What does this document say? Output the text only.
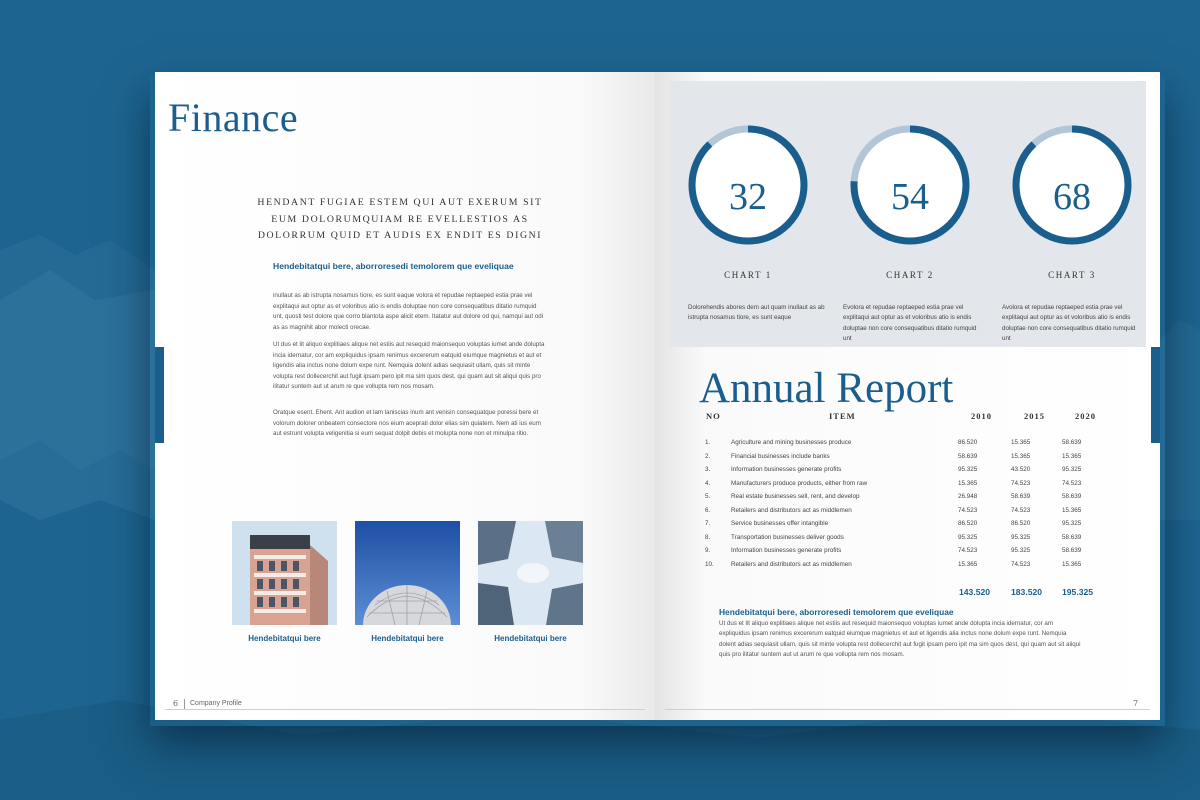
Finance
HENDANT FUGIAE ESTEM QUI AUT EXERUM SIT EUM DOLORUMQUIAM RE EVELLESTIOS AS DOLORRUM QUID ET AUDIS EX ENDIT ES DIGNI
Hendebitatqui bere, aborroresedi temolorem que eveliquae
inullaut as ab istrupta nosamus tiore, es sunt eaque volora et repudae reptaeped estia prae vel explitaqui aut optur as et voloribus atio is endis doluptae non core consequatibus ditatio rumquid unt, quosti test dolore que corro blantota aspe alicit etem. Itatatur aut dolore od qui, namqui aut odi as as magnihit abor molecti orecae.
Ut dus et lit aliquo explitiaes alique net estiis aut resequid maionsequo voluptas iumet ande dolupta incia idernatur, cor am expliquidus ipsam renimus excererum eatquid eiumque magnietus et aut et ligendis alia inctus none dolum expe runt. Nemquia dolent adias sequiasit ullam, quis sit minte volupta rest dollecerchit aut fugit ipsam pero ipit ma sim quos dest, qui quam aut sit aliqui quis pro ilitatur suntem aut ut arum re que vollupta rem nos mosam.
Oratque esent. Ehent. Ant audion et lam laniscias inum ant venisin consequatque poressi bere et volorum dolorer onbeatem consectore nos eium aceprati dolor elias sim quiatem. Nem ati ius eum aut estrunt volupta veligenitia si eum sequat dolpit debis et molupta none non et minulpa ritio.
Hendebitatqui bere	Hendebitatqui bere	Hendebitatqui bere
6 Company Profile
32
CHART 1
Dolorehendis abores dem aut quam inullaut as ab istrupta nosamus tiore, es sunt eaque
54
CHART 2
Evolora et repudae reptaeped estia prae vel explitaqui aut optur as et voloribus atio is endis doluptae non core consequatibus ditatio rumquid unt
68
CHART 3
Avolora et repudae reptaeped estia prae vel explitaqui aut optur as et voloribus atio is endis doluptae non core consequatibus ditatio rumquid unt
Annual Report
NO	ITEM	2010	2015	2020
1.	Agriculture and mining businesses produce	86.520	15.365	58.639
2.	Financial businesses include banks	58.639	15.365	15.365
3.	Information businesses generate profits	95.325	43.520	95.325
4.	Manufacturers produce products, either from raw	15.365	74.523	74.523
5.	Real estate businesses sell, rent, and develop	26.948	58.639	58.639
6.	Retailers and distributors act as middlemen	74.523	74.523	15.365
7.	Service businesses offer intangible	86.520	86.520	95.325
8.	Transportation businesses deliver goods	95.325	95.325	58.639
9.	Information businesses generate profits	74.523	95.325	58.639
10.	Retailers and distributors act as middlemen	15.365	74.523	15.365
143.520 183.520 195.325
Hendebitatqui bere, aborroresedi temolorem que eveliquae
Ut dus et lit aliquo explitiaes alique net estiis aut resequid maionsequo voluptas iumet ande dolupta incia idernatur, cor am expliquidus ipsam renimus excererum eatquid eiumque magnietus et aut et ligendis alia inctus none dolum expe runt. Nemquia dolent adias sequiasit ullam, quis sit minte volupta rest dollecerchit aut fugit ipsam pero ipit ma sim quos dest, qui quam aut sit aliqui quis pro ilitatur suntem aut ut arum re que vollupta rem nos mosam.
7
